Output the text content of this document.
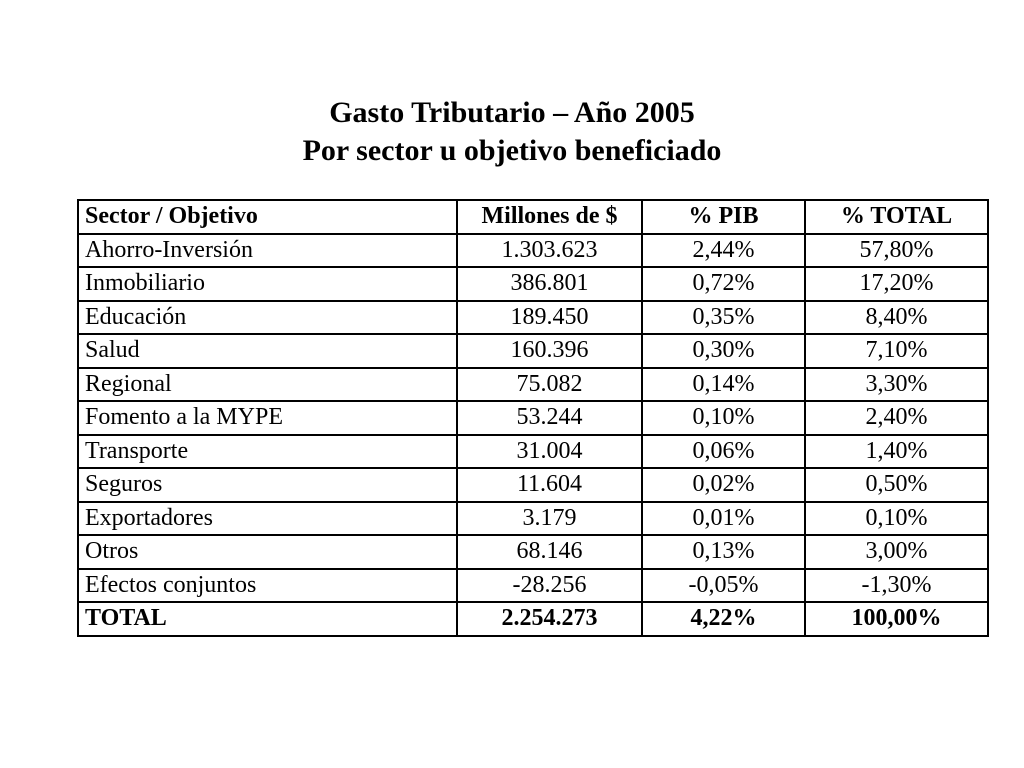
Gasto Tributario – Año 2005
Por sector u objetivo beneficiado
Sector / Objetivo	Millones de $	% PIB	% TOTAL
Ahorro-Inversión	1.303.623	2,44%	57,80%
Inmobiliario	386.801	0,72%	17,20%
Educación	189.450	0,35%	8,40%
Salud	160.396	0,30%	7,10%
Regional	75.082	0,14%	3,30%
Fomento a la MYPE	53.244	0,10%	2,40%
Transporte	31.004	0,06%	1,40%
Seguros	11.604	0,02%	0,50%
Exportadores	3.179	0,01%	0,10%
Otros	68.146	0,13%	3,00%
Efectos conjuntos	-28.256	-0,05%	-1,30%
TOTAL	2.254.273	4,22%	100,00%
